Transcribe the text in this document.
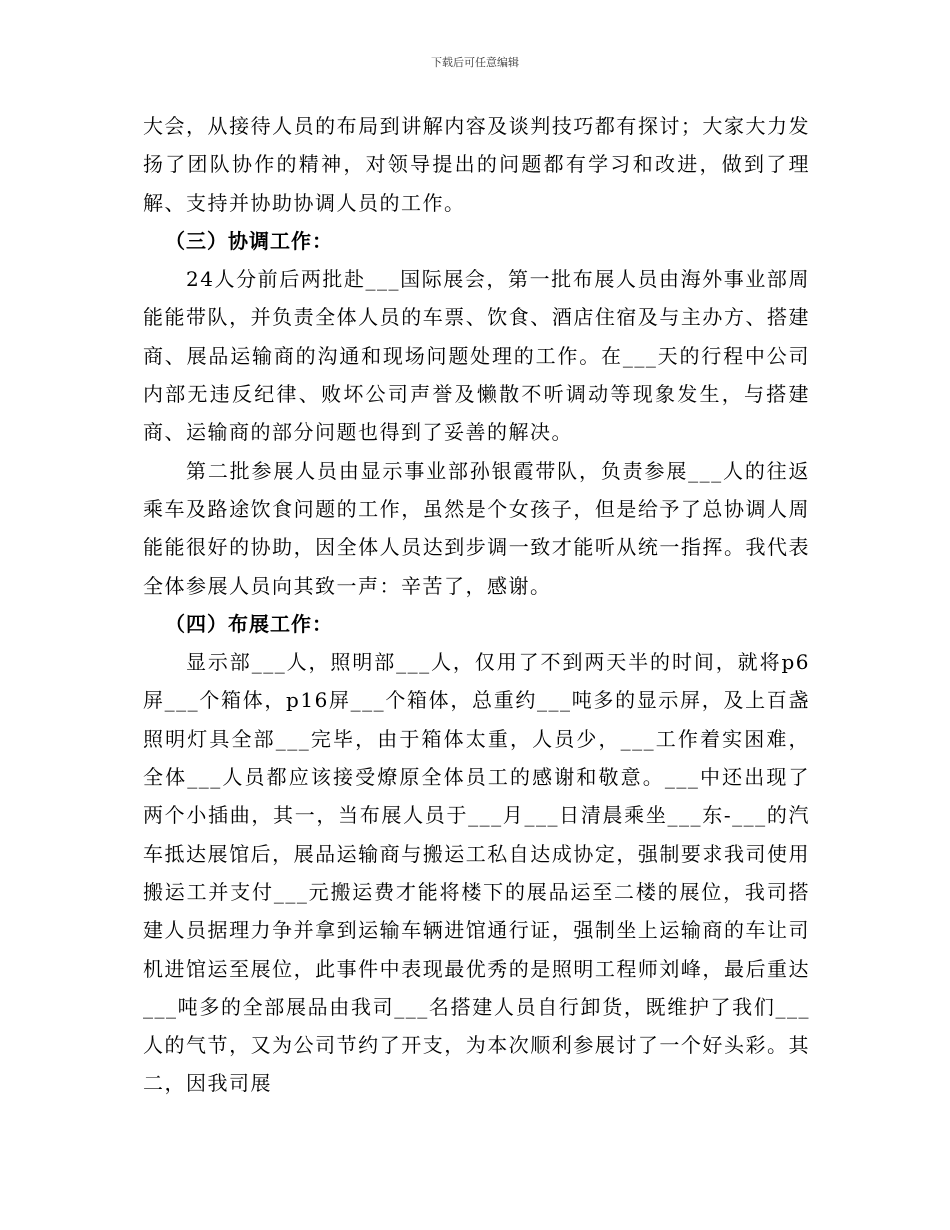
下载后可任意编辑

大会，从接待人员的布局到讲解内容及谈判技巧都有探讨；大家大力发扬了团队协作的精神，对领导提出的问题都有学习和改进，做到了理解、支持并协助协调人员的工作。

（三）协调工作：

24人分前后两批赴___国际展会，第一批布展人员由海外事业部周能能带队，并负责全体人员的车票、饮食、酒店住宿及与主办方、搭建商、展品运输商的沟通和现场问题处理的工作。在___天的行程中公司内部无违反纪律、败坏公司声誉及懒散不听调动等现象发生，与搭建商、运输商的部分问题也得到了妥善的解决。

第二批参展人员由显示事业部孙银霞带队，负责参展___人的往返乘车及路途饮食问题的工作，虽然是个女孩子，但是给予了总协调人周能能很好的协助，因全体人员达到步调一致才能听从统一指挥。我代表全体参展人员向其致一声：辛苦了，感谢。

（四）布展工作：

显示部___人，照明部___人，仅用了不到两天半的时间，就将p6屏___个箱体，p16屏___个箱体，总重约___吨多的显示屏，及上百盏照明灯具全部___完毕，由于箱体太重，人员少，___工作着实困难，全体___人员都应该接受燎原全体员工的感谢和敬意。___中还出现了两个小插曲，其一，当布展人员于___月___日清晨乘坐___东-___的汽车抵达展馆后，展品运输商与搬运工私自达成协定，强制要求我司使用搬运工并支付___元搬运费才能将楼下的展品运至二楼的展位，我司搭建人员据理力争并拿到运输车辆进馆通行证，强制坐上运输商的车让司机进馆运至展位，此事件中表现最优秀的是照明工程师刘峰，最后重达___吨多的全部展品由我司___名搭建人员自行卸货，既维护了我们___人的气节，又为公司节约了开支，为本次顺利参展讨了一个好头彩。其二，因我司展
